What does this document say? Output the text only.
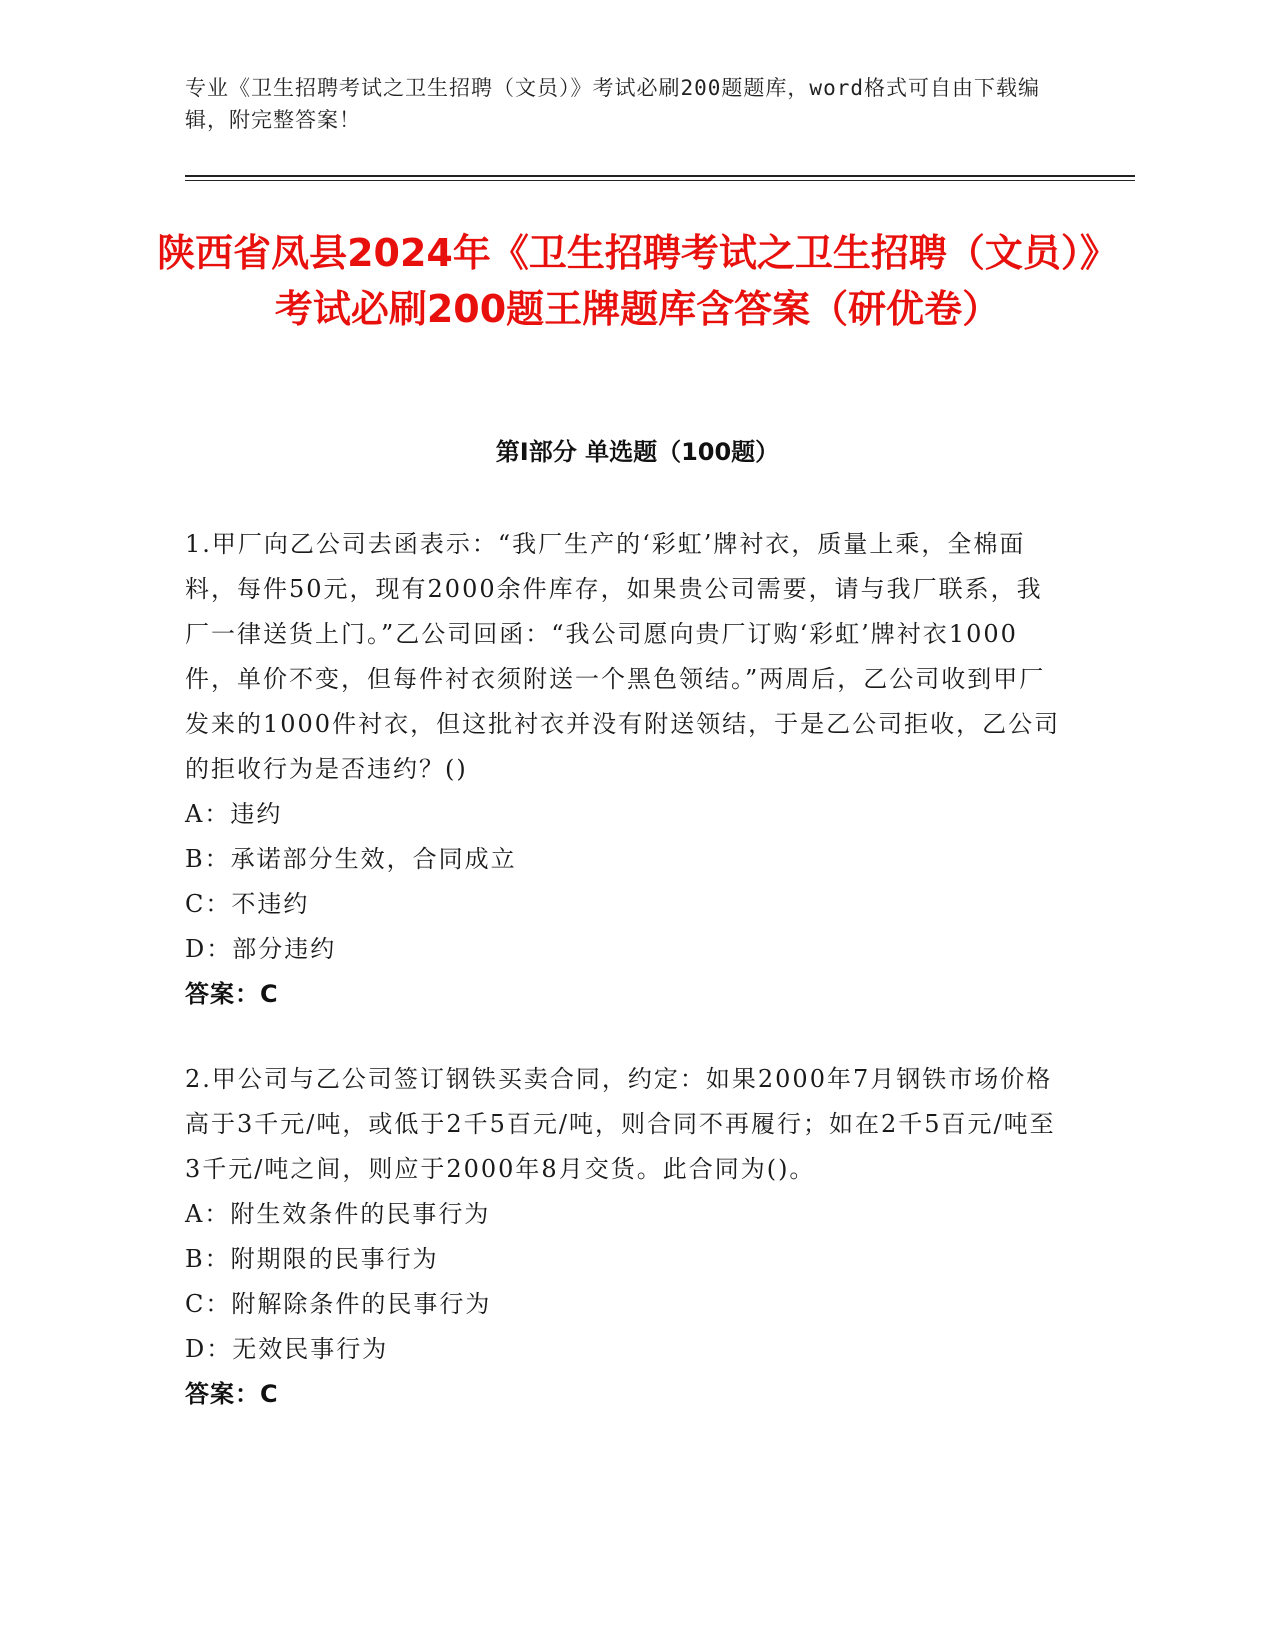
专业《卫生招聘考试之卫生招聘（文员）》考试必刷200题题库，word格式可自由下载编辑，附完整答案！
陕西省凤县2024年《卫生招聘考试之卫生招聘（文员）》考试必刷200题王牌题库含答案（研优卷）
第Ⅰ部分 单选题（100题）

1.甲厂向乙公司去函表示：“我厂生产的‘彩虹’牌衬衣，质量上乘，全棉面料，每件50元，现有2000余件库存，如果贵公司需要，请与我厂联系，我厂一律送货上门。”乙公司回函：“我公司愿向贵厂订购‘彩虹’牌衬衣1000件，单价不变，但每件衬衣须附送一个黑色领结。”两周后，乙公司收到甲厂发来的1000件衬衣，但这批衬衣并没有附送领结，于是乙公司拒收，乙公司的拒收行为是否违约？()

A：违约

B：承诺部分生效，合同成立

C：不违约

D：部分违约

答案：C

2.甲公司与乙公司签订钢铁买卖合同，约定：如果2000年7月钢铁市场价格高于3千元/吨，或低于2千5百元/吨，则合同不再履行；如在2千5百元/吨至3千元/吨之间，则应于2000年8月交货。此合同为()。

A：附生效条件的民事行为

B：附期限的民事行为

C：附解除条件的民事行为

D：无效民事行为

答案：C
